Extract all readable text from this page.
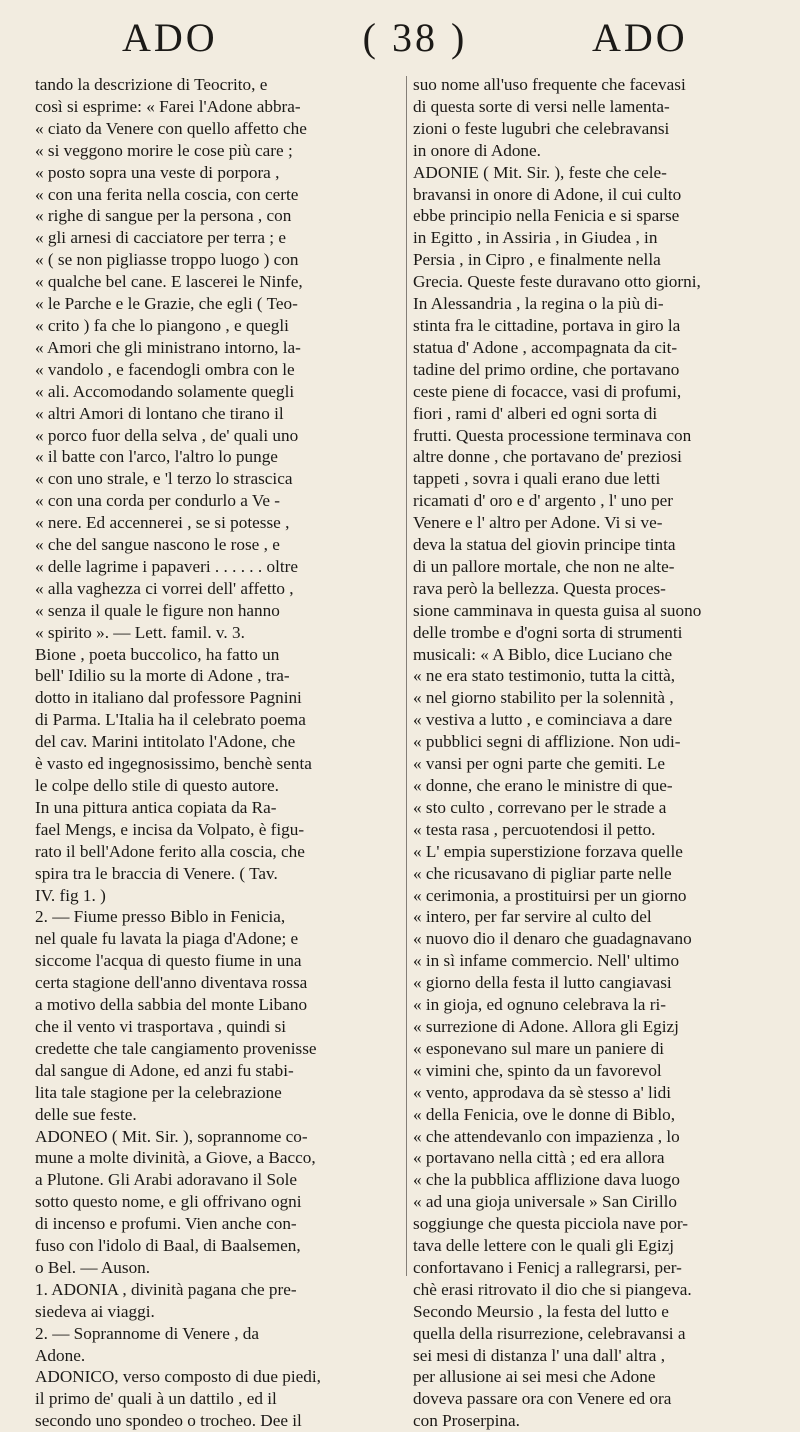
ADO	( 38 )	ADO
tando la descrizione di Teocrito, e
così si esprime: « Farei l'Adone abbra-
« ciato da Venere con quello affetto che
« si veggono morire le cose più care ;
« posto sopra una veste di porpora ,
« con una ferita nella coscia, con certe
« righe di sangue per la persona , con
« gli arnesi di cacciatore per terra ; e
« ( se non pigliasse troppo luogo ) con
« qualche bel cane. E lascerei le Ninfe,
« le Parche e le Grazie, che egli ( Teo-
« crito ) fa che lo piangono , e quegli
« Amori che gli ministrano intorno, la-
« vandolo , e facendogli ombra con le
« ali. Accomodando solamente quegli
« altri Amori di lontano che tirano il
« porco fuor della selva , de' quali uno
« il batte con l'arco, l'altro lo punge
« con uno strale, e 'l terzo lo strascica
« con una corda per condurlo a Ve -
« nere. Ed accennerei , se si potesse ,
« che del sangue nascono le rose , e
« delle lagrime i papaveri . . . . . . oltre
« alla vaghezza ci vorrei dell' affetto ,
« senza il quale le figure non hanno
« spirito ». — Lett. famil. v. 3.
Bione , poeta buccolico, ha fatto un
bell' Idilio su la morte di Adone , tra-
dotto in italiano dal professore Pagnini
di Parma. L'Italia ha il celebrato poema
del cav. Marini intitolato l'Adone, che
è vasto ed ingegnosissimo, benchè senta
le colpe dello stile di questo autore.
In una pittura antica copiata da Ra-
fael Mengs, e incisa da Volpato, è figu-
rato il bell'Adone ferito alla coscia, che
spira tra le braccia di Venere. ( Tav.
IV. fig 1. )
2. — Fiume presso Biblo in Fenicia,
nel quale fu lavata la piaga d'Adone; e
siccome l'acqua di questo fiume in una
certa stagione dell'anno diventava rossa
a motivo della sabbia del monte Libano
che il vento vi trasportava , quindi si
credette che tale cangiamento provenisse
dal sangue di Adone, ed anzi fu stabi-
lita tale stagione per la celebrazione
delle sue feste.
ADONEO ( Mit. Sir. ), soprannome co-
mune a molte divinità, a Giove, a Bacco,
a Plutone. Gli Arabi adoravano il Sole
sotto questo nome, e gli offrivano ogni
di incenso e profumi. Vien anche con-
fuso con l'idolo di Baal, di Baalsemen,
o Bel. — Auson.
1. ADONIA , divinità pagana che pre-
siedeva ai viaggi.
2. — Soprannome di Venere , da
Adone.
ADONICO, verso composto di due piedi,
il primo de' quali à un dattilo , ed il
secondo uno spondeo o trocheo. Dee il
suo nome all'uso frequente che facevasi
di questa sorte di versi nelle lamenta-
zioni o feste lugubri che celebravansi
in onore di Adone.
ADONIE ( Mit. Sir. ), feste che cele-
bravansi in onore di Adone, il cui culto
ebbe principio nella Fenicia e si sparse
in Egitto , in Assiria , in Giudea , in
Persia , in Cipro , e finalmente nella
Grecia. Queste feste duravano otto giorni,
In Alessandria , la regina o la più di-
stinta fra le cittadine, portava in giro la
statua d' Adone , accompagnata da cit-
tadine del primo ordine, che portavano
ceste piene di focacce, vasi di profumi,
fiori , rami d' alberi ed ogni sorta di
frutti. Questa processione terminava con
altre donne , che portavano de' preziosi
tappeti , sovra i quali erano due letti
ricamati d' oro e d' argento , l' uno per
Venere e l' altro per Adone. Vi si ve-
deva la statua del giovin principe tinta
di un pallore mortale, che non ne alte-
rava però la bellezza. Questa proces-
sione camminava in questa guisa al suono
delle trombe e d'ogni sorta di strumenti
musicali: « A Biblo, dice Luciano che
« ne era stato testimonio, tutta la città,
« nel giorno stabilito per la solennità ,
« vestiva a lutto , e cominciava a dare
« pubblici segni di afflizione. Non udi-
« vansi per ogni parte che gemiti. Le
« donne, che erano le ministre di que-
« sto culto , correvano per le strade a
« testa rasa , percuotendosi il petto.
« L' empia superstizione forzava quelle
« che ricusavano di pigliar parte nelle
« cerimonia, a prostituirsi per un giorno
« intero, per far servire al culto del
« nuovo dio il denaro che guadagnavano
« in sì infame commercio. Nell' ultimo
« giorno della festa il lutto cangiavasi
« in gioja, ed ognuno celebrava la ri-
« surrezione di Adone. Allora gli Egizj
« esponevano sul mare un paniere di
« vimini che, spinto da un favorevol
« vento, approdava da sè stesso a' lidi
« della Fenicia, ove le donne di Biblo,
« che attendevanlo con impazienza , lo
« portavano nella città ; ed era allora
« che la pubblica afflizione dava luogo
« ad una gioja universale » San Cirillo
soggiunge che questa picciola nave por-
tava delle lettere con le quali gli Egizj
confortavano i Fenicj a rallegrarsi, per-
chè erasi ritrovato il dio che si piangeva.
Secondo Meursio , la festa del lutto e
quella della risurrezione, celebravansi a
sei mesi di distanza l' una dall' altra ,
per allusione ai sei mesi che Adone
doveva passare ora con Venere ed ora
con Proserpina.
